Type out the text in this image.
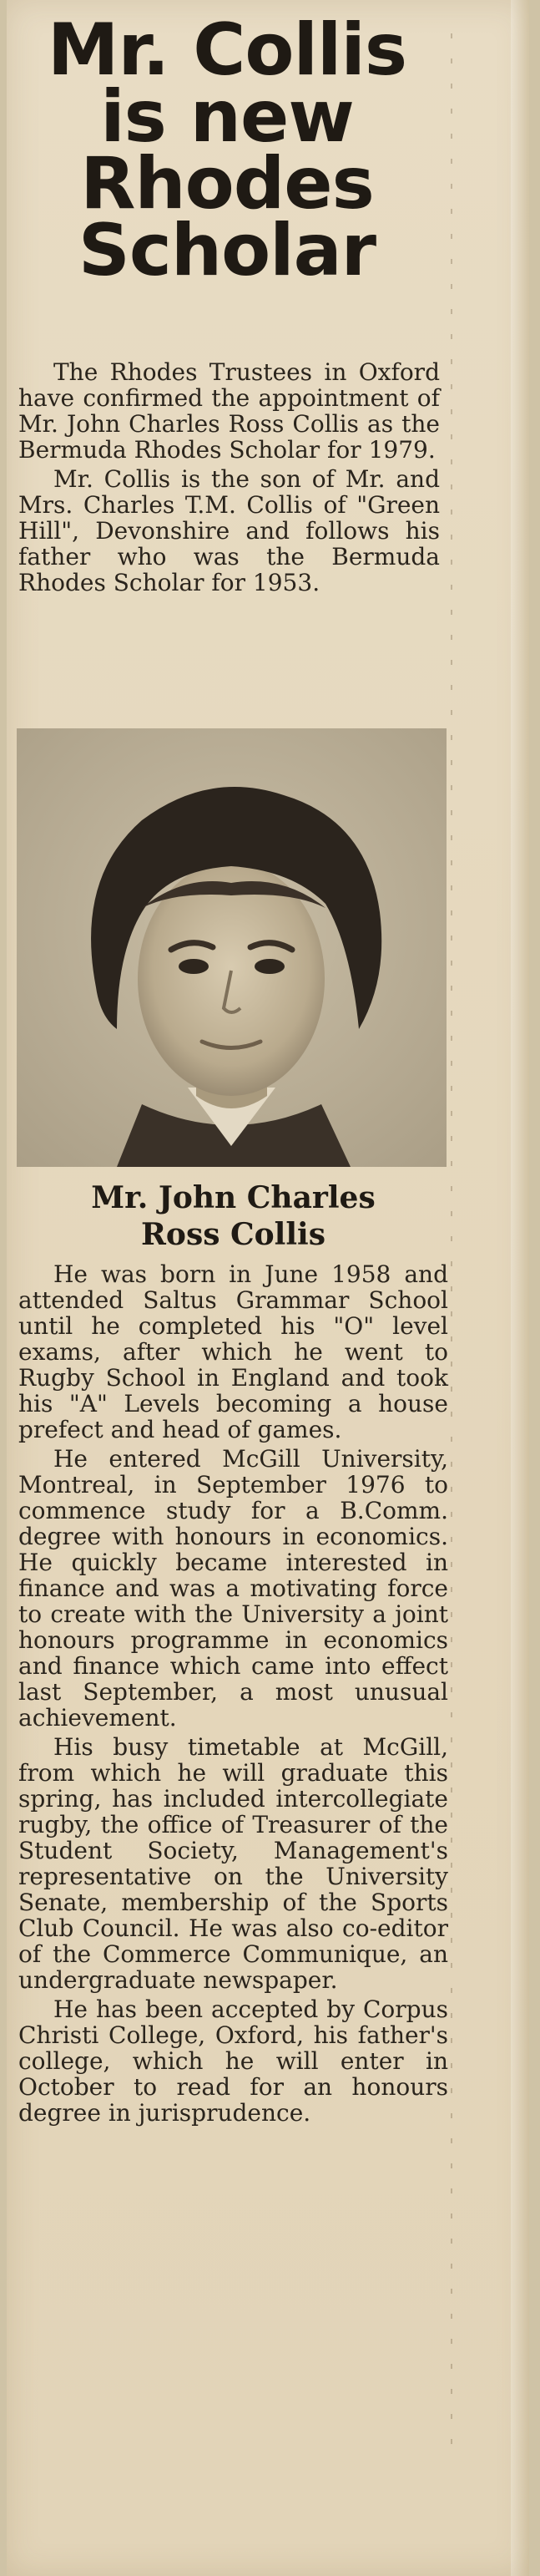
Mr. Collis
is new
Rhodes
Scholar

The Rhodes Trustees in Oxford have confirmed the appointment of Mr. John Charles Ross Collis as the Bermuda Rhodes Scholar for 1979.

Mr. Collis is the son of Mr. and Mrs. Charles T.M. Collis of "Green Hill", Devonshire and follows his father who was the Bermuda Rhodes Scholar for 1953.

Mr. John Charles
Ross Collis

He was born in June 1958 and attended Saltus Grammar School until he completed his "O" level exams, after which he went to Rugby School in England and took his "A" Levels becoming a house prefect and head of games.

He entered McGill University, Montreal, in September 1976 to commence study for a B.Comm. degree with honours in economics. He quickly became interested in finance and was a motivating force to create with the University a joint honours programme in economics and finance which came into effect last September, a most unusual achievement.

His busy timetable at McGill, from which he will graduate this spring, has included intercollegiate rugby, the office of Treasurer of the Student Society, Management's representative on the University Senate, membership of the Sports Club Council. He was also co-editor of the Commerce Communique, an undergraduate newspaper.

He has been accepted by Corpus Christi College, Oxford, his father's college, which he will enter in October to read for an honours degree in jurisprudence.
